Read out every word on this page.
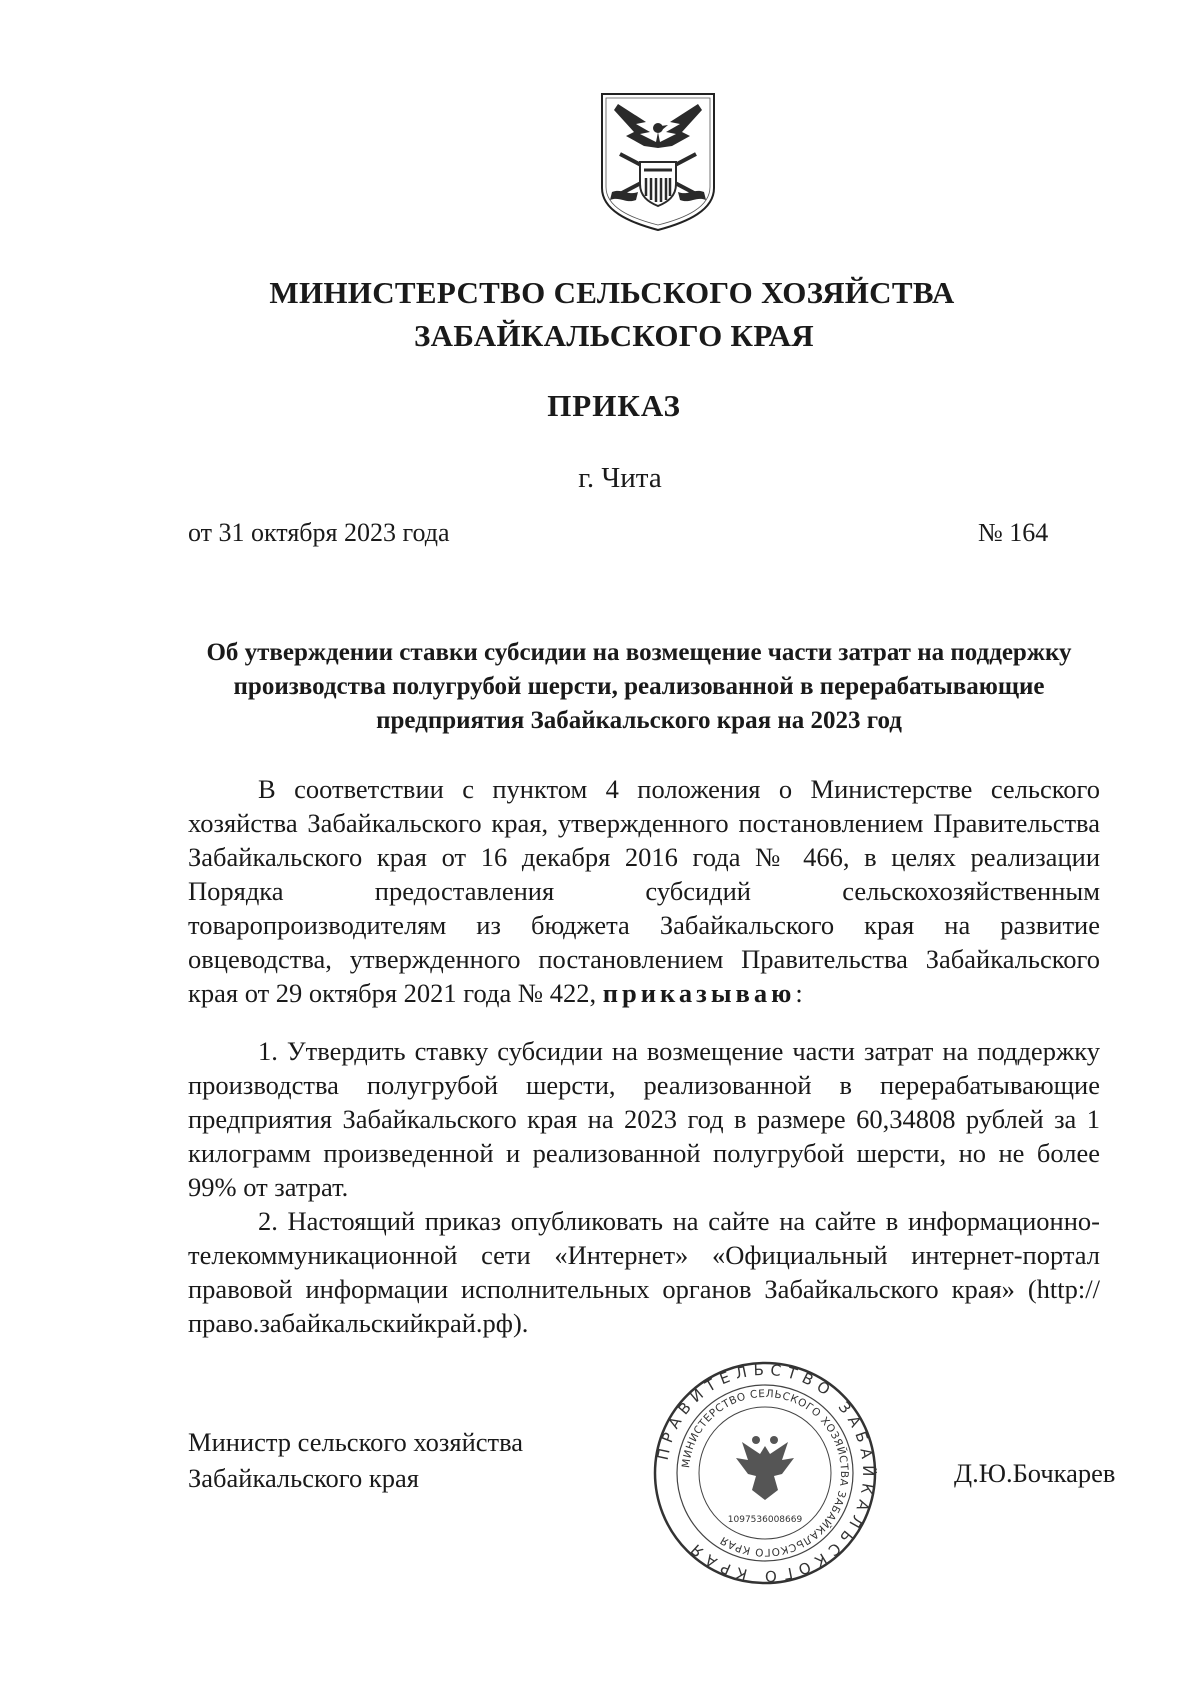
МИНИСТЕРСТВО СЕЛЬСКОГО ХОЗЯЙСТВА
ЗАБАЙКАЛЬСКОГО КРАЯ
ПРИКАЗ
г. Чита
от 31 октября 2023 года	№ 164
Об утверждении ставки субсидии на возмещение части затрат на поддержку производства полугрубой шерсти, реализованной в перерабатывающие предприятия Забайкальского края на 2023 год

В соответствии с пунктом 4 положения о Министерстве сельского хозяйства Забайкальского края, утвержденного постановлением Правительства Забайкальского края от 16 декабря 2016 года № 466, в целях реализации Порядка предоставления субсидий сельскохозяйственным товаропроизводителям из бюджета Забайкальского края на развитие овцеводства, утвержденного постановлением Правительства Забайкальского края от 29 октября 2021 года № 422, приказываю:

1. Утвердить ставку субсидии на возмещение части затрат на поддержку производства полугрубой шерсти, реализованной в перерабатывающие предприятия Забайкальского края на 2023 год в размере 60,34808 рублей за 1 килограмм произведенной и реализованной полугрубой шерсти, но не более 99% от затрат.

2. Настоящий приказ опубликовать на сайте на сайте в информационно-телекоммуникационной сети «Интернет» «Официальный интернет-портал правовой информации исполнительных органов Забайкальского края» (http://право.забайкальскийкрай.рф).

Министр сельского хозяйства
Забайкальского края	Д.Ю.Бочкарев
ПРАВИТЕЛЬСТВО ЗАБАЙКАЛЬСКОГО КРАЯ
МИНИСТЕРСТВО СЕЛЬСКОГО ХОЗЯЙСТВА ЗАБАЙКАЛЬСКОГО КРАЯ
1097536008669
